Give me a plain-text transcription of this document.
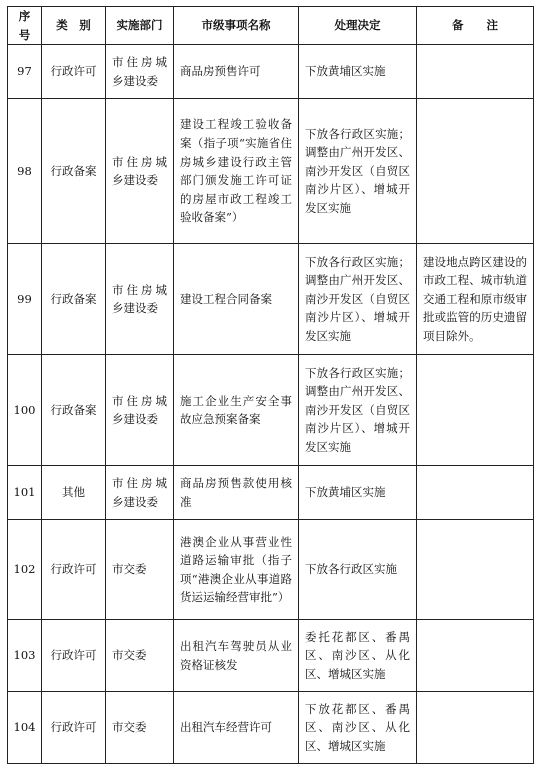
序号	类　别	实施部门	市级事项名称	处理决定	备　　注
97	行政许可	市住房城乡建设委	商品房预售许可	下放黄埔区实施	
98	行政备案	市住房城乡建设委	建设工程竣工验收备案（指子项“实施省住房城乡建设行政主管部门颁发施工许可证的房屋市政工程竣工验收备案”）	下放各行政区实施；调整由广州开发区、南沙开发区（自贸区南沙片区）、增城开发区实施	
99	行政备案	市住房城乡建设委	建设工程合同备案	下放各行政区实施；调整由广州开发区、南沙开发区（自贸区南沙片区）、增城开发区实施	建设地点跨区建设的市政工程、城市轨道交通工程和原市级审批或监管的历史遗留项目除外。
100	行政备案	市住房城乡建设委	施工企业生产安全事故应急预案备案	下放各行政区实施；调整由广州开发区、南沙开发区（自贸区南沙片区）、增城开发区实施	
101	其他	市住房城乡建设委	商品房预售款使用核准	下放黄埔区实施	
102	行政许可	市交委	港澳企业从事营业性道路运输审批（指子项“港澳企业从事道路货运运输经营审批”）	下放各行政区实施	
103	行政许可	市交委	出租汽车驾驶员从业资格证核发	委托花都区、番禺区、南沙区、从化区、增城区实施	
104	行政许可	市交委	出租汽车经营许可	下放花都区、番禺区、南沙区、从化区、增城区实施	
